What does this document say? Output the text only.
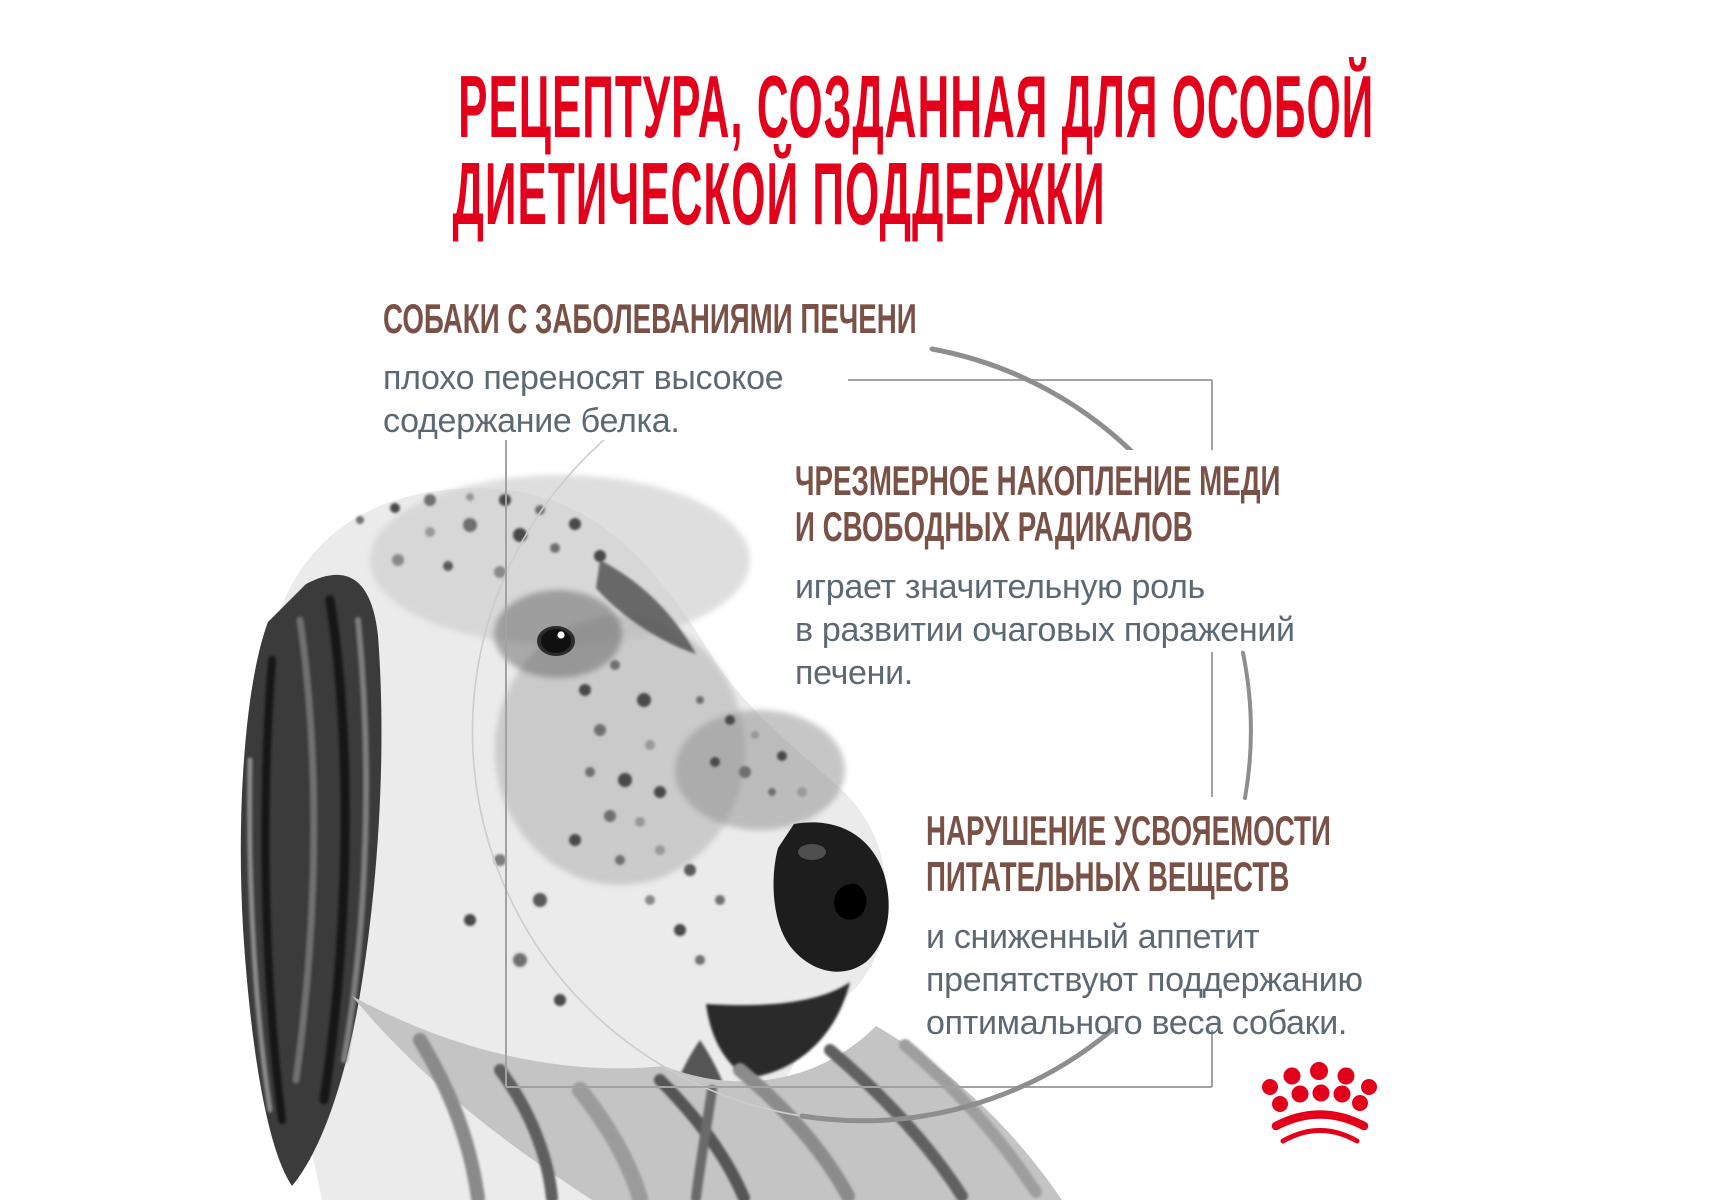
РЕЦЕПТУРА, СОЗДАННАЯ ДЛЯ ОСОБОЙ
ДИЕТИЧЕСКОЙ ПОДДЕРЖКИ
СОБАКИ С ЗАБОЛЕВАНИЯМИ ПЕЧЕНИ
плохо переносят высокое
содержание белка.
ЧРЕЗМЕРНОЕ НАКОПЛЕНИЕ МЕДИ
И СВОБОДНЫХ РАДИКАЛОВ
играет значительную роль
в развитии очаговых поражений
печени.
НАРУШЕНИЕ УСВОЯЕМОСТИ
ПИТАТЕЛЬНЫХ ВЕЩЕСТВ
и сниженный аппетит
препятствуют поддержанию
оптимального веса собаки.
